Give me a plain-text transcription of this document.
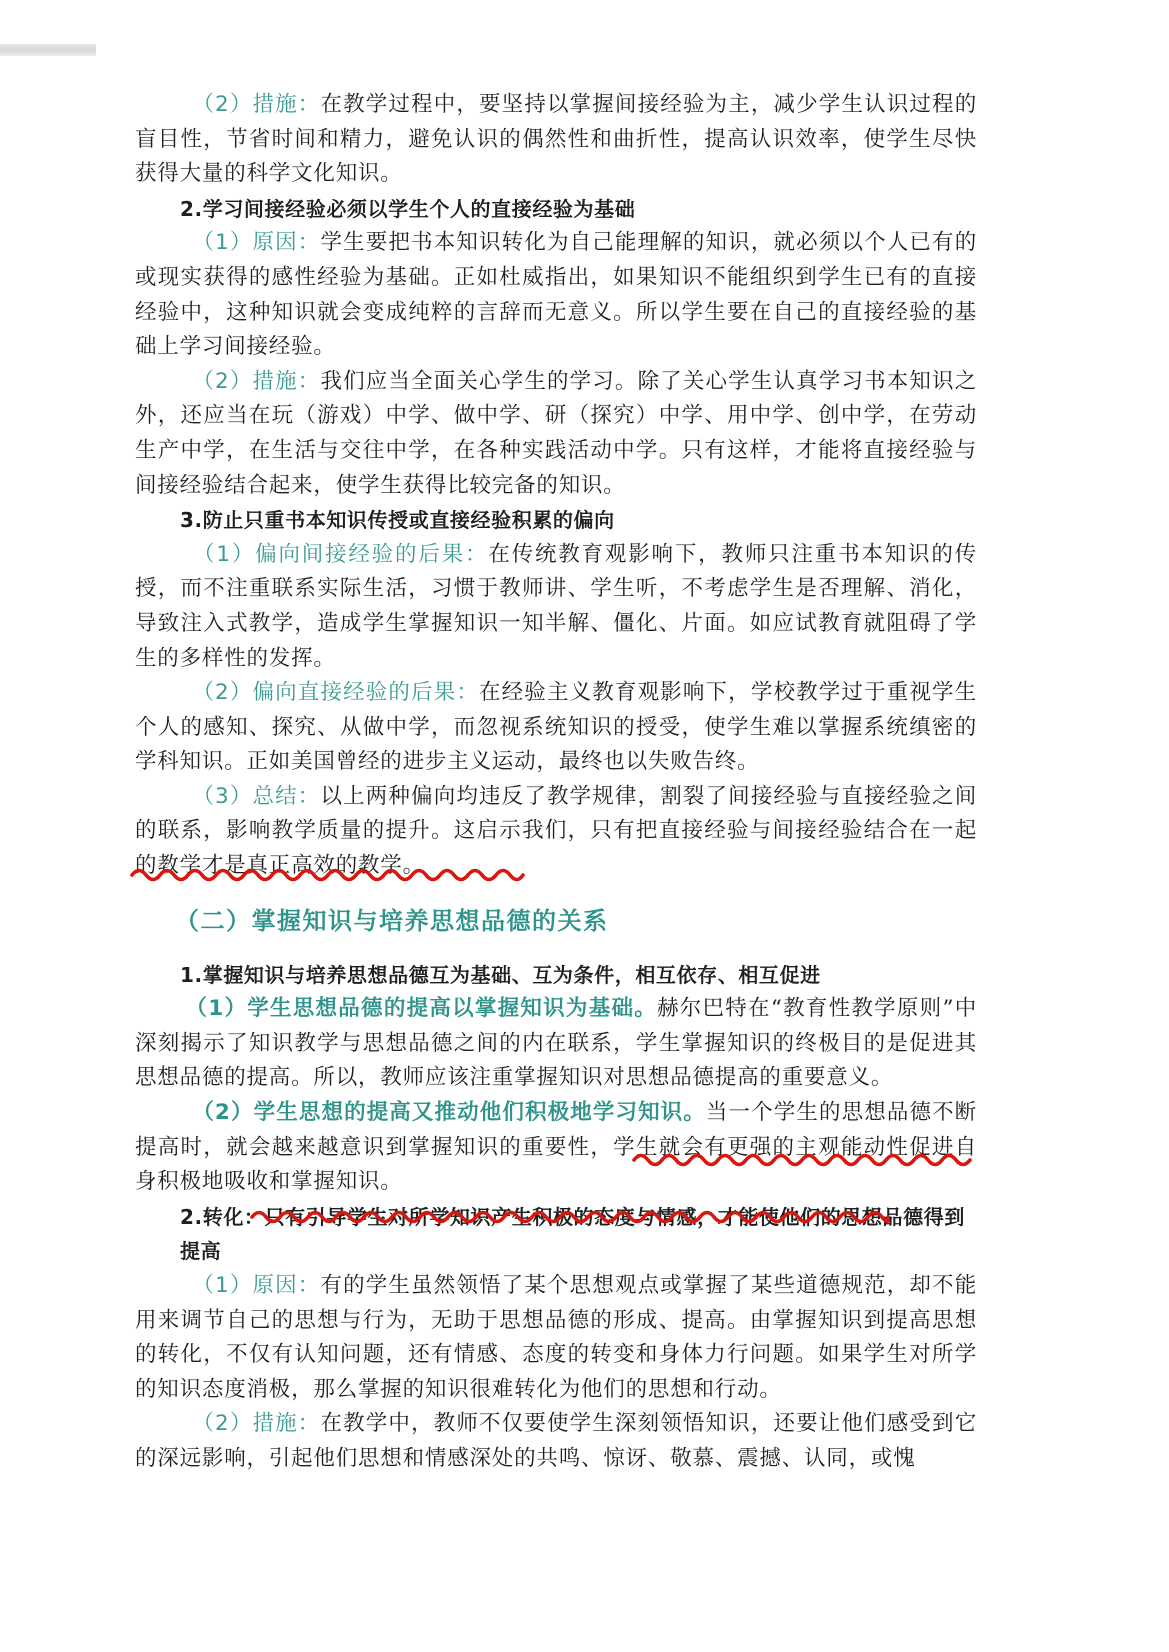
（2）措施：在教学过程中，要坚持以掌握间接经验为主，减少学生认识过程的盲目性，节省时间和精力，避免认识的偶然性和曲折性，提高认识效率，使学生尽快获得大量的科学文化知识。

2.学习间接经验必须以学生个人的直接经验为基础

（1）原因：学生要把书本知识转化为自己能理解的知识，就必须以个人已有的或现实获得的感性经验为基础。正如杜威指出，如果知识不能组织到学生已有的直接经验中，这种知识就会变成纯粹的言辞而无意义。所以学生要在自己的直接经验的基础上学习间接经验。

（2）措施：我们应当全面关心学生的学习。除了关心学生认真学习书本知识之外，还应当在玩（游戏）中学、做中学、研（探究）中学、用中学、创中学，在劳动生产中学，在生活与交往中学，在各种实践活动中学。只有这样，才能将直接经验与间接经验结合起来，使学生获得比较完备的知识。

3.防止只重书本知识传授或直接经验积累的偏向

（1）偏向间接经验的后果：在传统教育观影响下，教师只注重书本知识的传授，而不注重联系实际生活，习惯于教师讲、学生听，不考虑学生是否理解、消化，导致注入式教学，造成学生掌握知识一知半解、僵化、片面。如应试教育就阻碍了学生的多样性的发挥。

（2）偏向直接经验的后果：在经验主义教育观影响下，学校教学过于重视学生个人的感知、探究、从做中学，而忽视系统知识的授受，使学生难以掌握系统缜密的学科知识。正如美国曾经的进步主义运动，最终也以失败告终。

（3）总结：以上两种偏向均违反了教学规律，割裂了间接经验与直接经验之间的联系，影响教学质量的提升。这启示我们，只有把直接经验与间接经验结合在一起的教学才是真正高效的教学。

（二）掌握知识与培养思想品德的关系

1.掌握知识与培养思想品德互为基础、互为条件，相互依存、相互促进

（1）学生思想品德的提高以掌握知识为基础。赫尔巴特在“教育性教学原则”中深刻揭示了知识教学与思想品德之间的内在联系，学生掌握知识的终极目的是促进其思想品德的提高。所以，教师应该注重掌握知识对思想品德提高的重要意义。

（2）学生思想的提高又推动他们积极地学习知识。当一个学生的思想品德不断提高时，就会越来越意识到掌握知识的重要性，学生就会有更强的主观能动性促进自身积极地吸收和掌握知识。

2.转化：只有引导学生对所学知识产生积极的态度与情感，才能使他们的思想品德得到提高

（1）原因：有的学生虽然领悟了某个思想观点或掌握了某些道德规范，却不能用来调节自己的思想与行为，无助于思想品德的形成、提高。由掌握知识到提高思想的转化，不仅有认知问题，还有情感、态度的转变和身体力行问题。如果学生对所学的知识态度消极，那么掌握的知识很难转化为他们的思想和行动。

（2）措施：在教学中，教师不仅要使学生深刻领悟知识，还要让他们感受到它的深远影响，引起他们思想和情感深处的共鸣、惊讶、敬慕、震撼、认同，或愧
